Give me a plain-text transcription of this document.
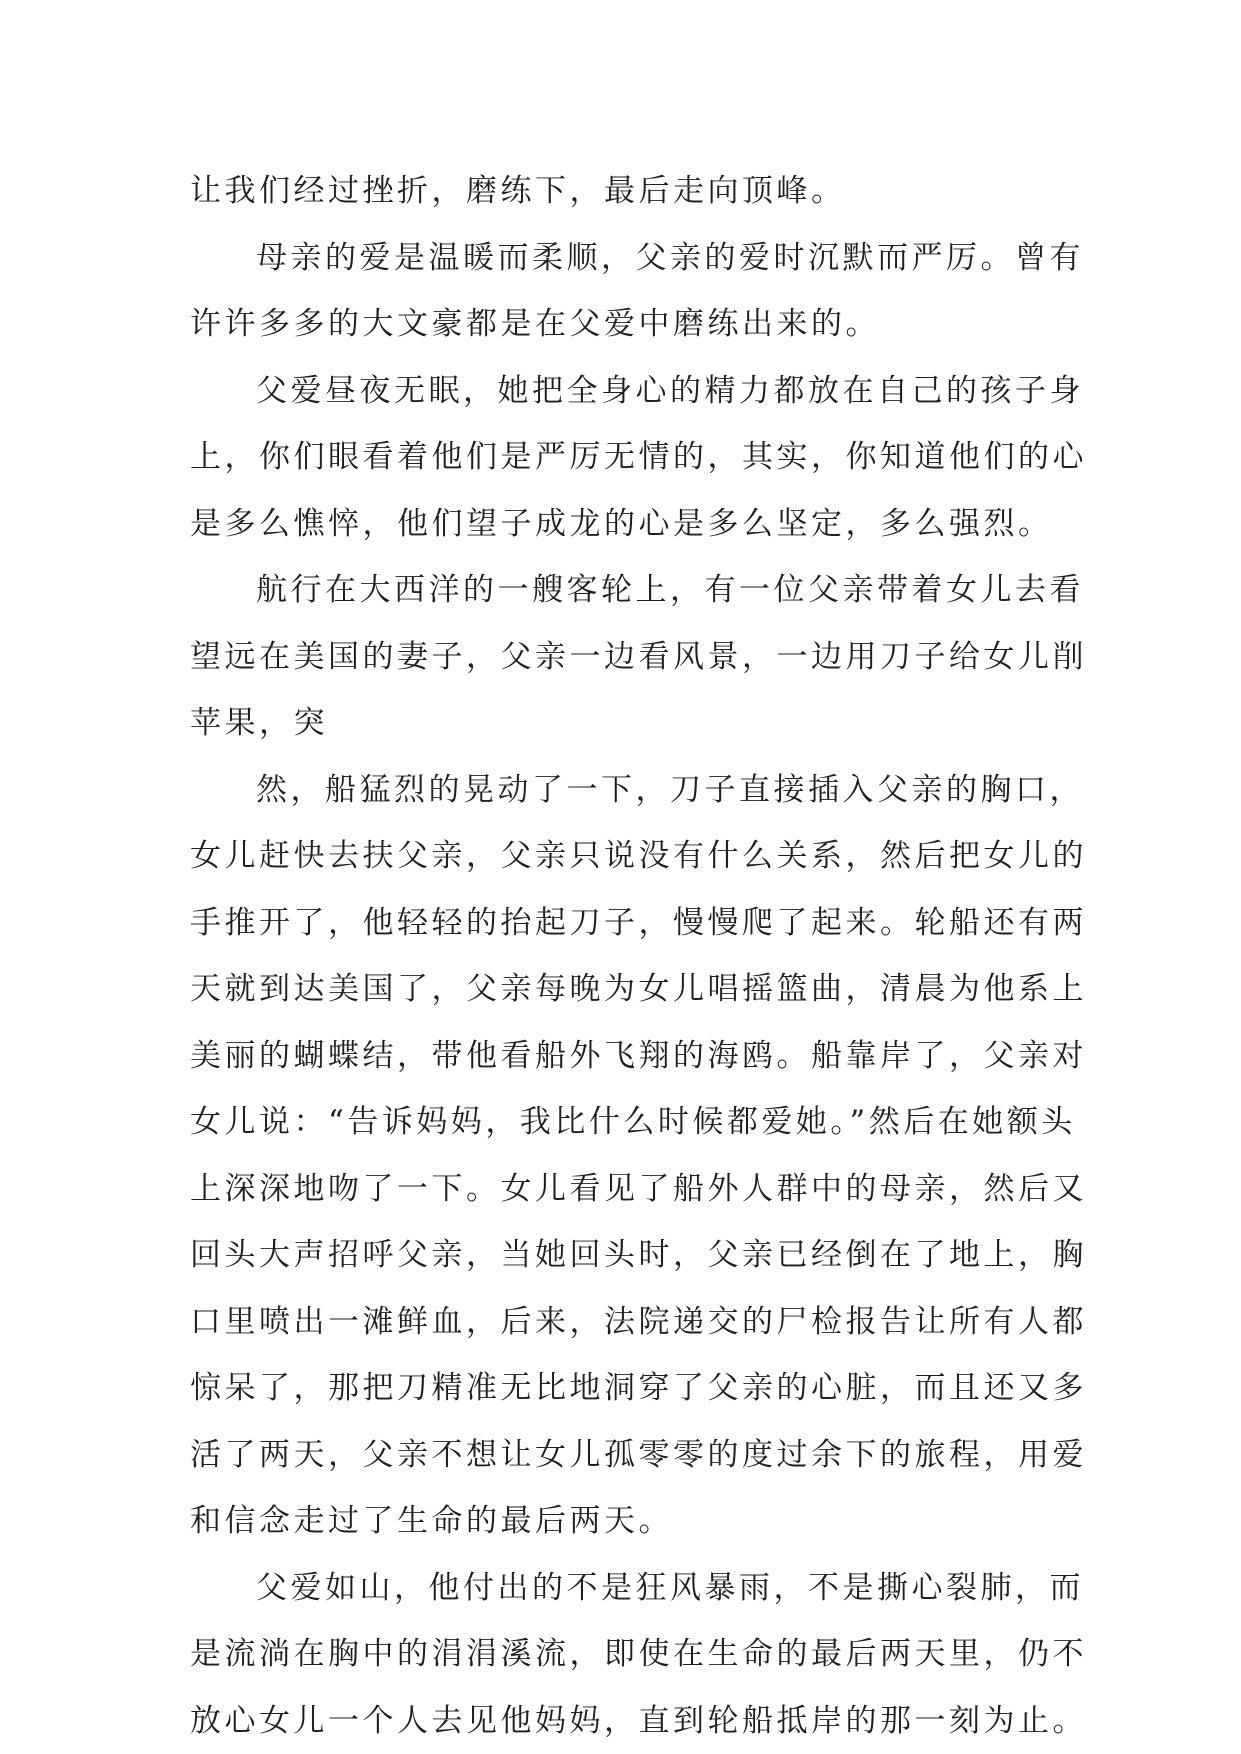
让我们经过挫折，磨练下，最后走向顶峰。
母亲的爱是温暖而柔顺，父亲的爱时沉默而严厉。曾有
许许多多的大文豪都是在父爱中磨练出来的。
父爱昼夜无眠，她把全身心的精力都放在自己的孩子身
上，你们眼看着他们是严厉无情的，其实，你知道他们的心
是多么憔悴，他们望子成龙的心是多么坚定，多么强烈。
航行在大西洋的一艘客轮上，有一位父亲带着女儿去看
望远在美国的妻子，父亲一边看风景，一边用刀子给女儿削
苹果，突
然，船猛烈的晃动了一下，刀子直接插入父亲的胸口，
女儿赶快去扶父亲，父亲只说没有什么关系，然后把女儿的
手推开了，他轻轻的抬起刀子，慢慢爬了起来。轮船还有两
天就到达美国了，父亲每晚为女儿唱摇篮曲，清晨为他系上
美丽的蝴蝶结，带他看船外飞翔的海鸥。船靠岸了，父亲对
女儿说：“告诉妈妈，我比什么时候都爱她。”然后在她额头
上深深地吻了一下。女儿看见了船外人群中的母亲，然后又
回头大声招呼父亲，当她回头时，父亲已经倒在了地上，胸
口里喷出一滩鲜血，后来，法院递交的尸检报告让所有人都
惊呆了，那把刀精准无比地洞穿了父亲的心脏，而且还又多
活了两天，父亲不想让女儿孤零零的度过余下的旅程，用爱
和信念走过了生命的最后两天。
父爱如山，他付出的不是狂风暴雨，不是撕心裂肺，而
是流淌在胸中的涓涓溪流，即使在生命的最后两天里，仍不
放心女儿一个人去见他妈妈，直到轮船抵岸的那一刻为止。
